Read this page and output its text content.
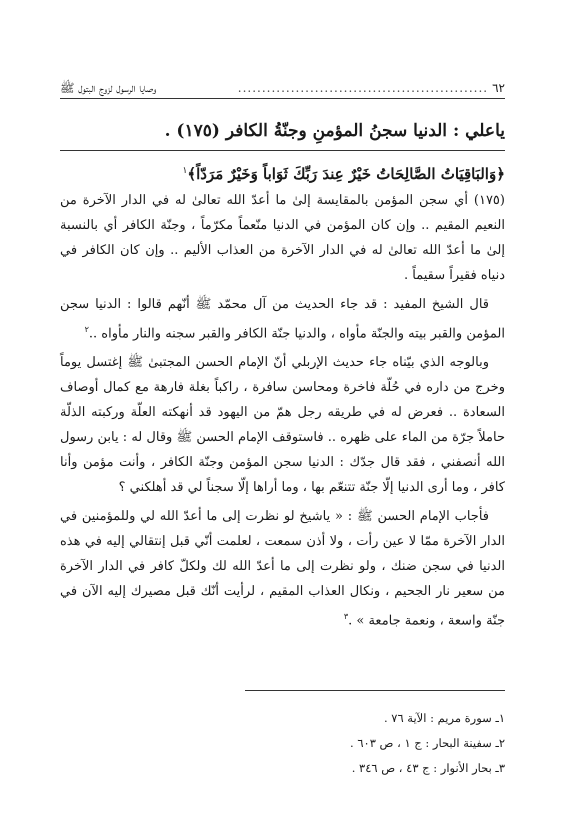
٦٢
....................................................
وصايا الرسول لزوج البتول ﷺ
ياعلي : الدنيا سجنُ المؤمنِ وجنّةُ الكافر (١٧٥) .
﴿وَالبَاقِيَاتُ الصَّالِحَاتُ خَيْرٌ عِندَ رَبِّكَ ثَوَاباً وَخَيْرٌ مَرَدّاً﴾$^١$

(١٧٥) أي سجن المؤمن بالمقايسة إلىٰ ما أعدّ الله تعالىٰ له في الدار الآخرة من النعيم المقيم .. وإن كان المؤمن في الدنيا منّعماً مكرّماً ، وجنّة الكافر أي بالنسبة إلىٰ ما أعدّ الله تعالىٰ له في الدار الآخرة من العذاب الأليم .. وإن كان الكافر في دنياه فقيراً سقيماً .

قال الشيخ المفيد : قد جاء الحديث من آل محمّد ﷺ أنّهم قالوا : الدنيا سجن المؤمن والقبر بيته والجنّة مأواه ، والدنيا جنّة الكافر والقبر سجنه والنار مأواه ..$^٢$

وبالوجه الذي بيّناه جاء حديث الإربلي أنّ الإمام الحسن المجتبىٰ ﷺ إغتسل يوماً وخرج من داره في حُلّة فاخرة ومحاسن سافرة ، راكباً بغلة فارهة مع كمال أوصاف السعادة .. فعرض له في طريقه رجل همّ من اليهود قد أنهكته العلّة وركبته الذلّة حاملاً جرّة من الماء على ظهره .. فاستوقف الإمام الحسن ﷺ وقال له : يابن رسول الله أنصفني ، فقد قال جدّك : الدنيا سجن المؤمن وجنّة الكافر ، وأنت مؤمن وأنا كافر ، وما أرى الدنيا إلّا جنّة تتنعّم بها ، وما أراها إلّا سجناً لي قد أهلكني ؟

فأجاب الإمام الحسن ﷺ : « ياشيخ لو نظرت إلى ما أعدّ الله لي وللمؤمنين في الدار الآخرة ممّا لا عين رأت ، ولا أذن سمعت ، لعلمت أنّي قبل إنتقالي إليه في هذه الدنيا في سجن ضنك ، ولو نظرت إلى ما أعدّ الله لك ولكلّ كافر في الدار الآخرة من سعير نار الجحيم ، ونكال العذاب المقيم ، لرأيت أنّك قبل مصيرك إليه الآن في جنّة واسعة ، ونعمة جامعة » .$^٣$

١ـ سورة مريم : الآية ٧٦ .
٢ـ سفينة البحار : ج ١ ، ص ٦٠٣ .
٣ـ بحار الأنوار : ج ٤٣ ، ص ٣٤٦ .
